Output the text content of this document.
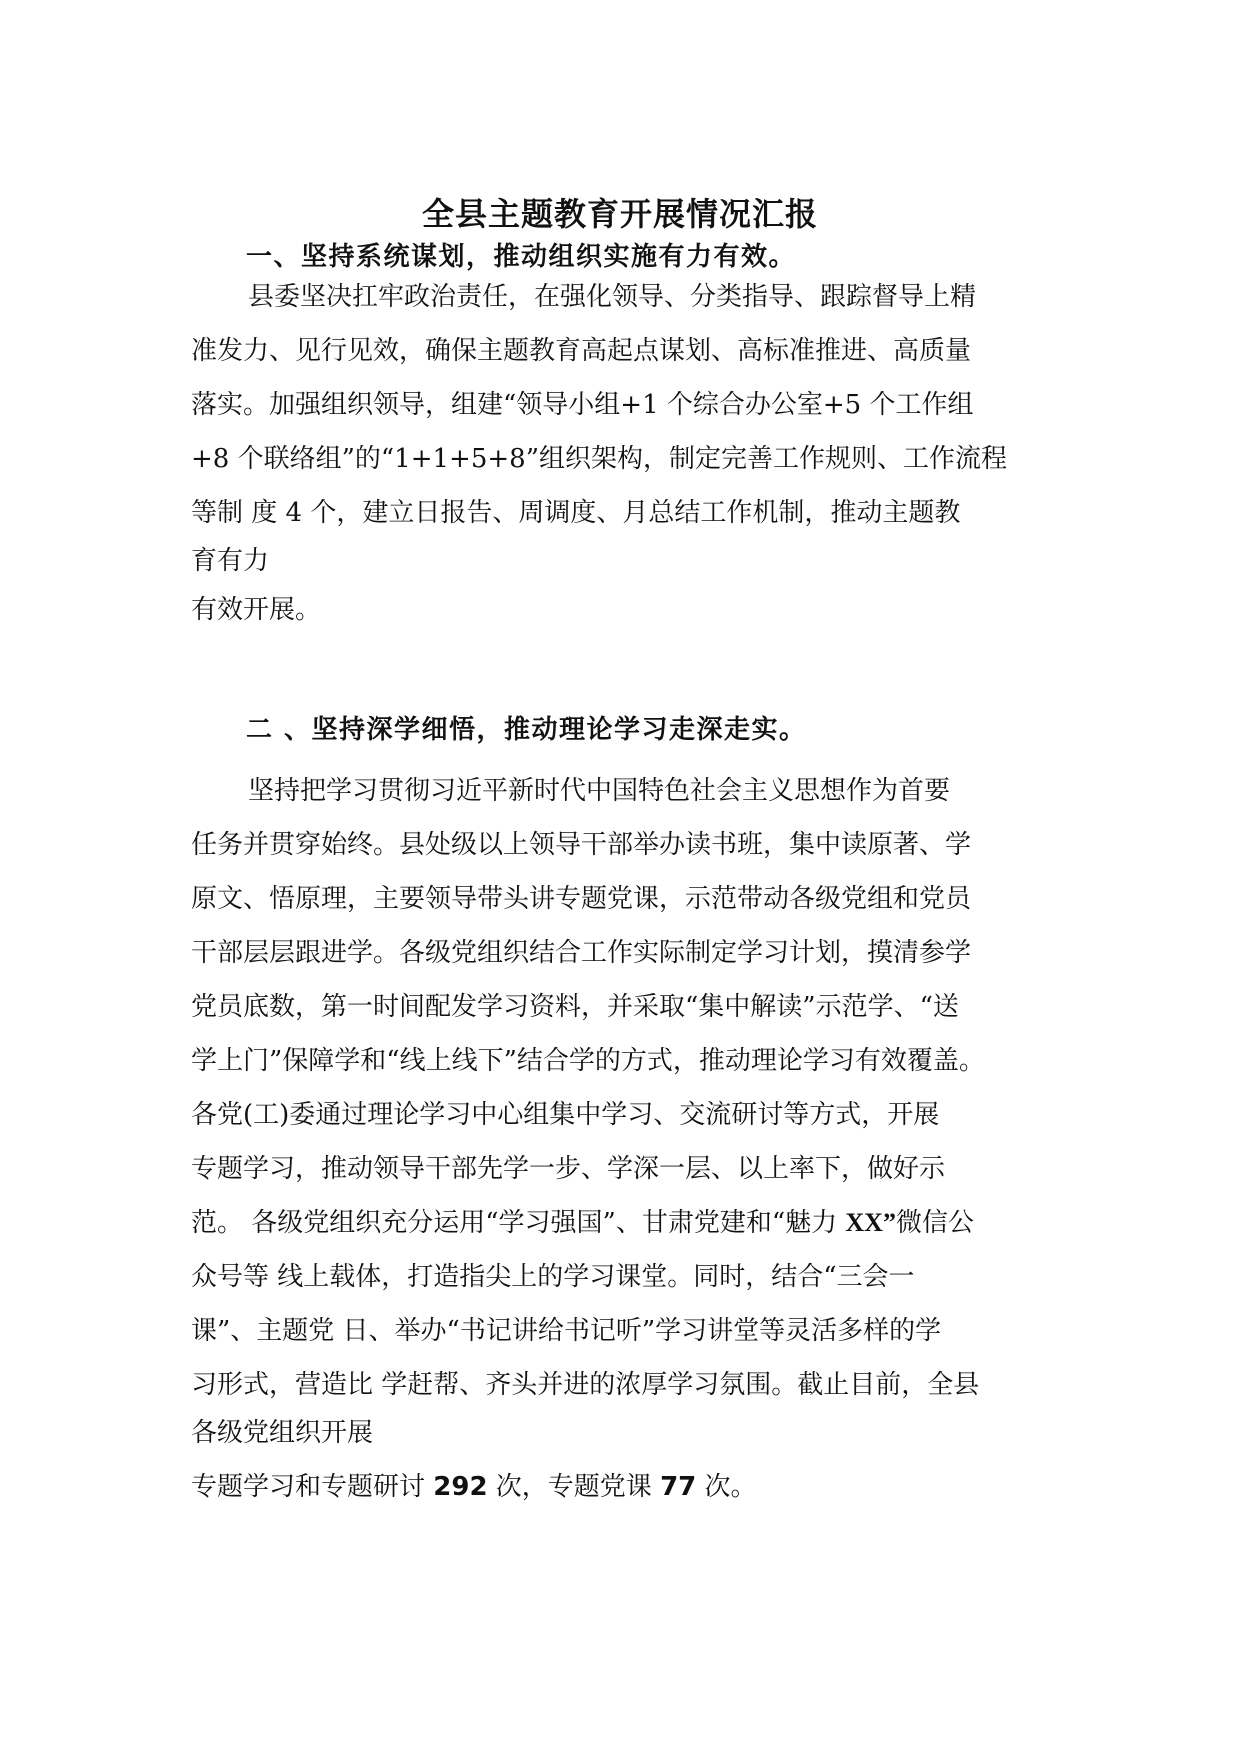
全县主题教育开展情况汇报
一、坚持系统谋划，推动组织实施有力有效。
县委坚决扛牢政治责任，在强化领导、分类指导、跟踪督导上精
准发力、见行见效，确保主题教育高起点谋划、高标准推进、高质量
落实。加强组织领导，组建“领导小组+1 个综合办公室+5 个工作组
+8 个联络组”的“1+1+5+8”组织架构，制定完善工作规则、工作流程
等制 度 4 个，建立日报告、周调度、月总结工作机制，推动主题教
育有力
有效开展。
二 、坚持深学细悟，推动理论学习走深走实。
坚持把学习贯彻习近平新时代中国特色社会主义思想作为首要
任务并贯穿始终。县处级以上领导干部举办读书班，集中读原著、学
原文、悟原理，主要领导带头讲专题党课，示范带动各级党组和党员
干部层层跟进学。各级党组织结合工作实际制定学习计划，摸清参学
党员底数，第一时间配发学习资料，并采取“集中解读”示范学、“送
学上门”保障学和“线上线下”结合学的方式，推动理论学习有效覆盖。
各党(工)委通过理论学习中心组集中学习、交流研讨等方式，开展
专题学习，推动领导干部先学一步、学深一层、以上率下，做好示
范。 各级党组织充分运用“学习强国”、甘肃党建和“魅力 XX”微信公
众号等 线上载体，打造指尖上的学习课堂。同时，结合“三会一
课”、主题党 日、举办“书记讲给书记听”学习讲堂等灵活多样的学
习形式，营造比 学赶帮、齐头并进的浓厚学习氛围。截止目前，全县
各级党组织开展
专题学习和专题研讨 292 次，专题党课 77 次。
